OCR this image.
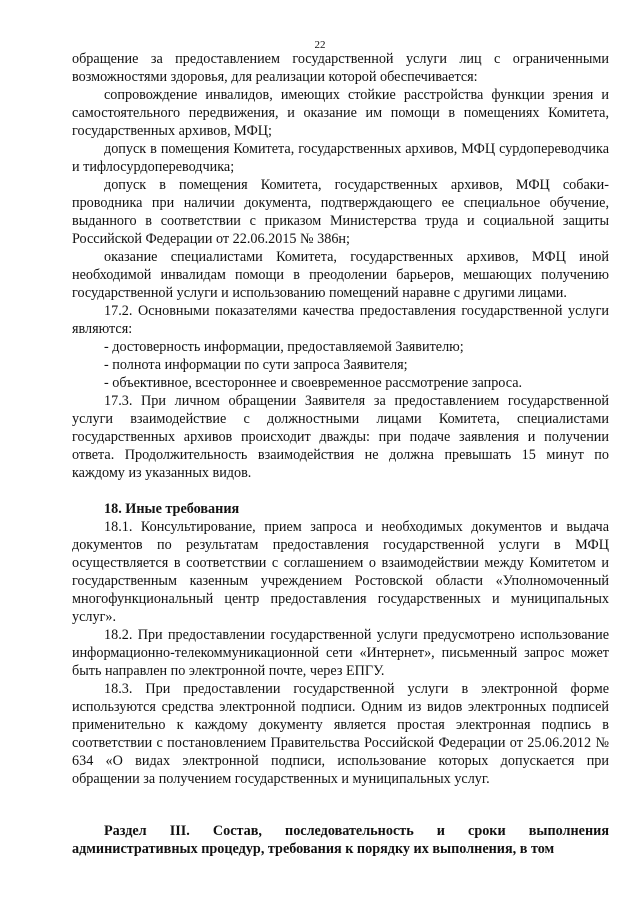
22

обращение за предоставлением государственной услуги лиц с ограниченными возможностями здоровья, для реализации которой обеспечивается:

сопровождение инвалидов, имеющих стойкие расстройства функции зрения и самостоятельного передвижения, и оказание им помощи в помещениях Комитета, государственных архивов, МФЦ;

допуск в помещения Комитета, государственных архивов, МФЦ сурдопереводчика и тифлосурдопереводчика;

допуск в помещения Комитета, государственных архивов, МФЦ собаки-проводника при наличии документа, подтверждающего ее специальное обучение, выданного в соответствии с приказом Министерства труда и социальной защиты Российской Федерации от 22.06.2015 № 386н;

оказание специалистами Комитета, государственных архивов, МФЦ иной необходимой инвалидам помощи в преодолении барьеров, мешающих получению государственной услуги и использованию помещений наравне с другими лицами.

17.2. Основными показателями качества предоставления государственной услуги являются:

- достоверность информации, предоставляемой Заявителю;

- полнота информации по сути запроса Заявителя;

- объективное, всестороннее и своевременное рассмотрение запроса.

17.3. При личном обращении Заявителя за предоставлением государственной услуги взаимодействие с должностными лицами Комитета, специалистами государственных архивов происходит дважды: при подаче заявления и получении ответа. Продолжительность взаимодействия не должна превышать 15 минут по каждому из указанных видов.

18. Иные требования

18.1. Консультирование, прием запроса и необходимых документов и выдача документов по результатам предоставления государственной услуги в МФЦ осуществляется в соответствии с соглашением о взаимодействии между Комитетом и государственным казенным учреждением Ростовской области «Уполномоченный многофункциональный центр предоставления государственных и муниципальных услуг».

18.2. При предоставлении государственной услуги предусмотрено использование информационно-телекоммуникационной сети «Интернет», письменный запрос может быть направлен по электронной почте, через ЕПГУ.

18.3. При предоставлении государственной услуги в электронной форме используются средства электронной подписи. Одним из видов электронных подписей применительно к каждому документу является простая электронная подпись в соответствии с постановлением Правительства Российской Федерации от 25.06.2012 № 634 «О видах электронной подписи, использование которых допускается при обращении за получением государственных и муниципальных услуг.

Раздел III. Состав, последовательность и сроки выполнения административных процедур, требования к порядку их выполнения, в том
